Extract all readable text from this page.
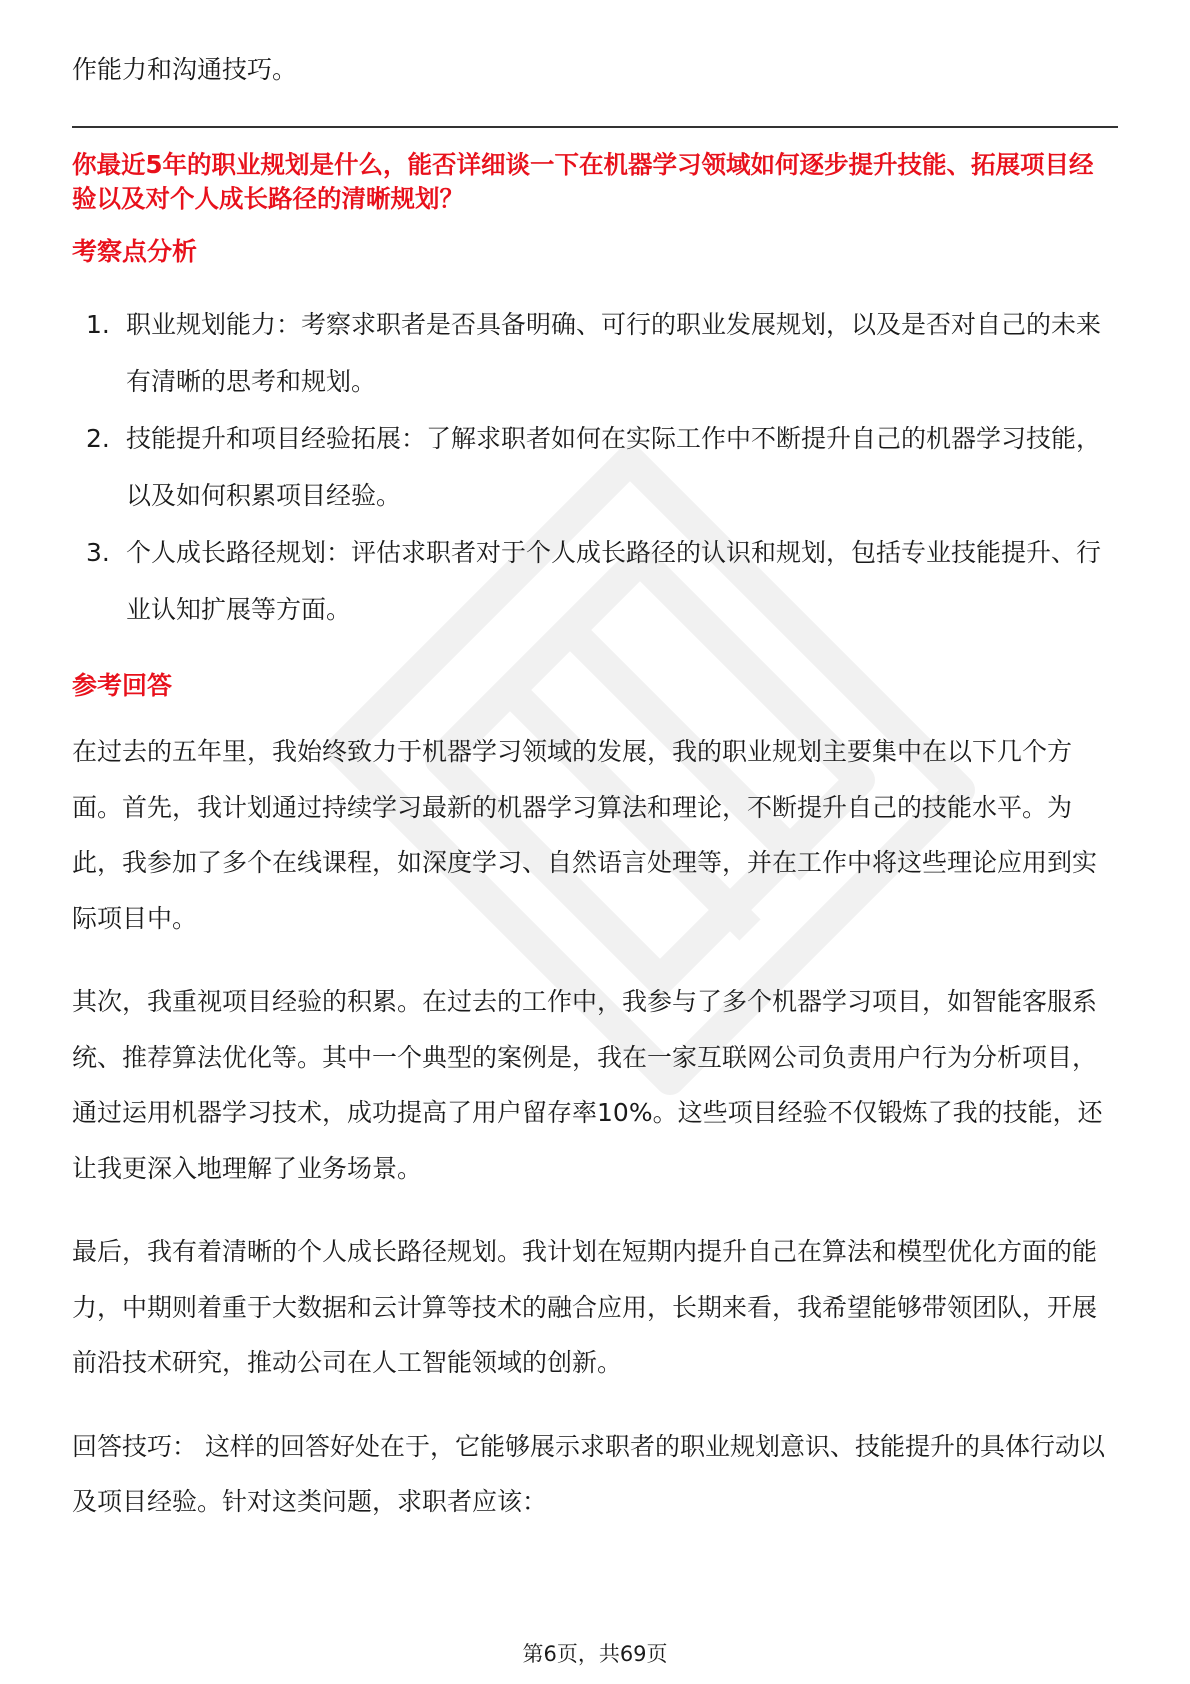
作能力和沟通技巧。

你最近5年的职业规划是什么，能否详细谈一下在机器学习领域如何逐步提升技能、拓展项目经验以及对个人成长路径的清晰规划？

考察点分析

1. 职业规划能力：考察求职者是否具备明确、可行的职业发展规划，以及是否对自己的未来有清晰的思考和规划。
2. 技能提升和项目经验拓展：了解求职者如何在实际工作中不断提升自己的机器学习技能，以及如何积累项目经验。
3. 个人成长路径规划：评估求职者对于个人成长路径的认识和规划，包括专业技能提升、行业认知扩展等方面。

参考回答

在过去的五年里，我始终致力于机器学习领域的发展，我的职业规划主要集中在以下几个方面。首先，我计划通过持续学习最新的机器学习算法和理论，不断提升自己的技能水平。为此，我参加了多个在线课程，如深度学习、自然语言处理等，并在工作中将这些理论应用到实际项目中。

其次，我重视项目经验的积累。在过去的工作中，我参与了多个机器学习项目，如智能客服系统、推荐算法优化等。其中一个典型的案例是，我在一家互联网公司负责用户行为分析项目，通过运用机器学习技术，成功提高了用户留存率10%。这些项目经验不仅锻炼了我的技能，还让我更深入地理解了业务场景。

最后，我有着清晰的个人成长路径规划。我计划在短期内提升自己在算法和模型优化方面的能力，中期则着重于大数据和云计算等技术的融合应用，长期来看，我希望能够带领团队，开展前沿技术研究，推动公司在人工智能领域的创新。

回答技巧： 这样的回答好处在于，它能够展示求职者的职业规划意识、技能提升的具体行动以及项目经验。针对这类问题，求职者应该：

第6页，共69页
